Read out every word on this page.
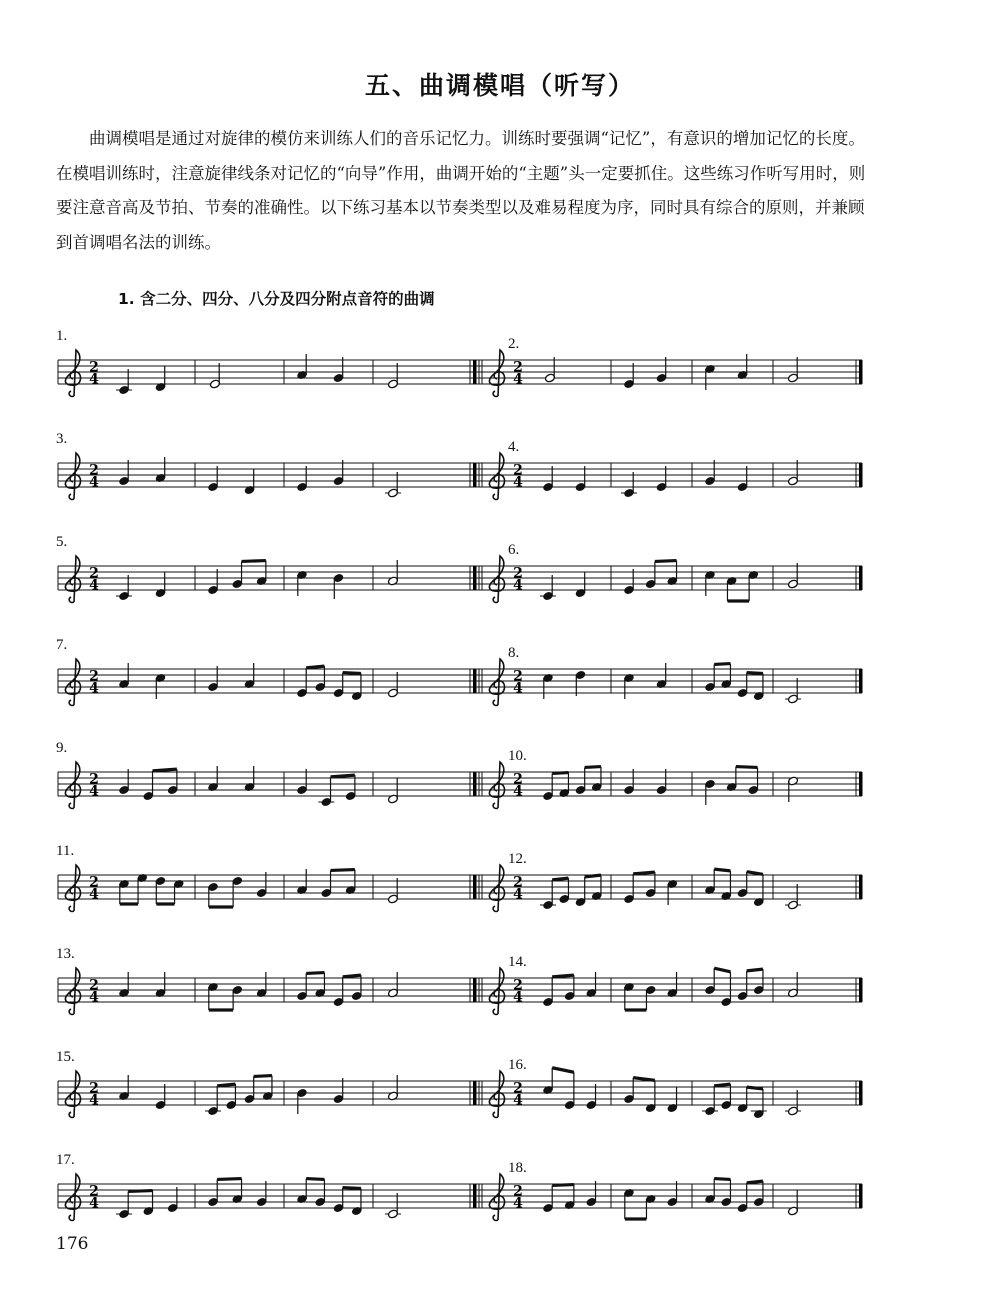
五、曲调模唱（听写）
曲调模唱是通过对旋律的模仿来训练人们的音乐记忆力。训练时要强调“记忆”，有意识的增加记忆的长度。在模唱训练时，注意旋律线条对记忆的“向导”作用，曲调开始的“主题”头一定要抓住。这些练习作听写用时，则要注意音高及节拍、节奏的准确性。以下练习基本以节奏类型以及难易程度为序，同时具有综合的原则，并兼顾到首调唱名法的训练。
1. 含二分、四分、八分及四分附点音符的曲调
1.
2
4
2
4
2.
3.
2
4
2
4
4.
5.
2
4
2
4
6.
7.
2
4
2
4
8.
9.
2
4
2
4
10.
11.
2
4
2
4
12.
13.
2
4
2
4
14.
15.
2
4
2
4
16.
17.
2
4
2
4
18.
176
